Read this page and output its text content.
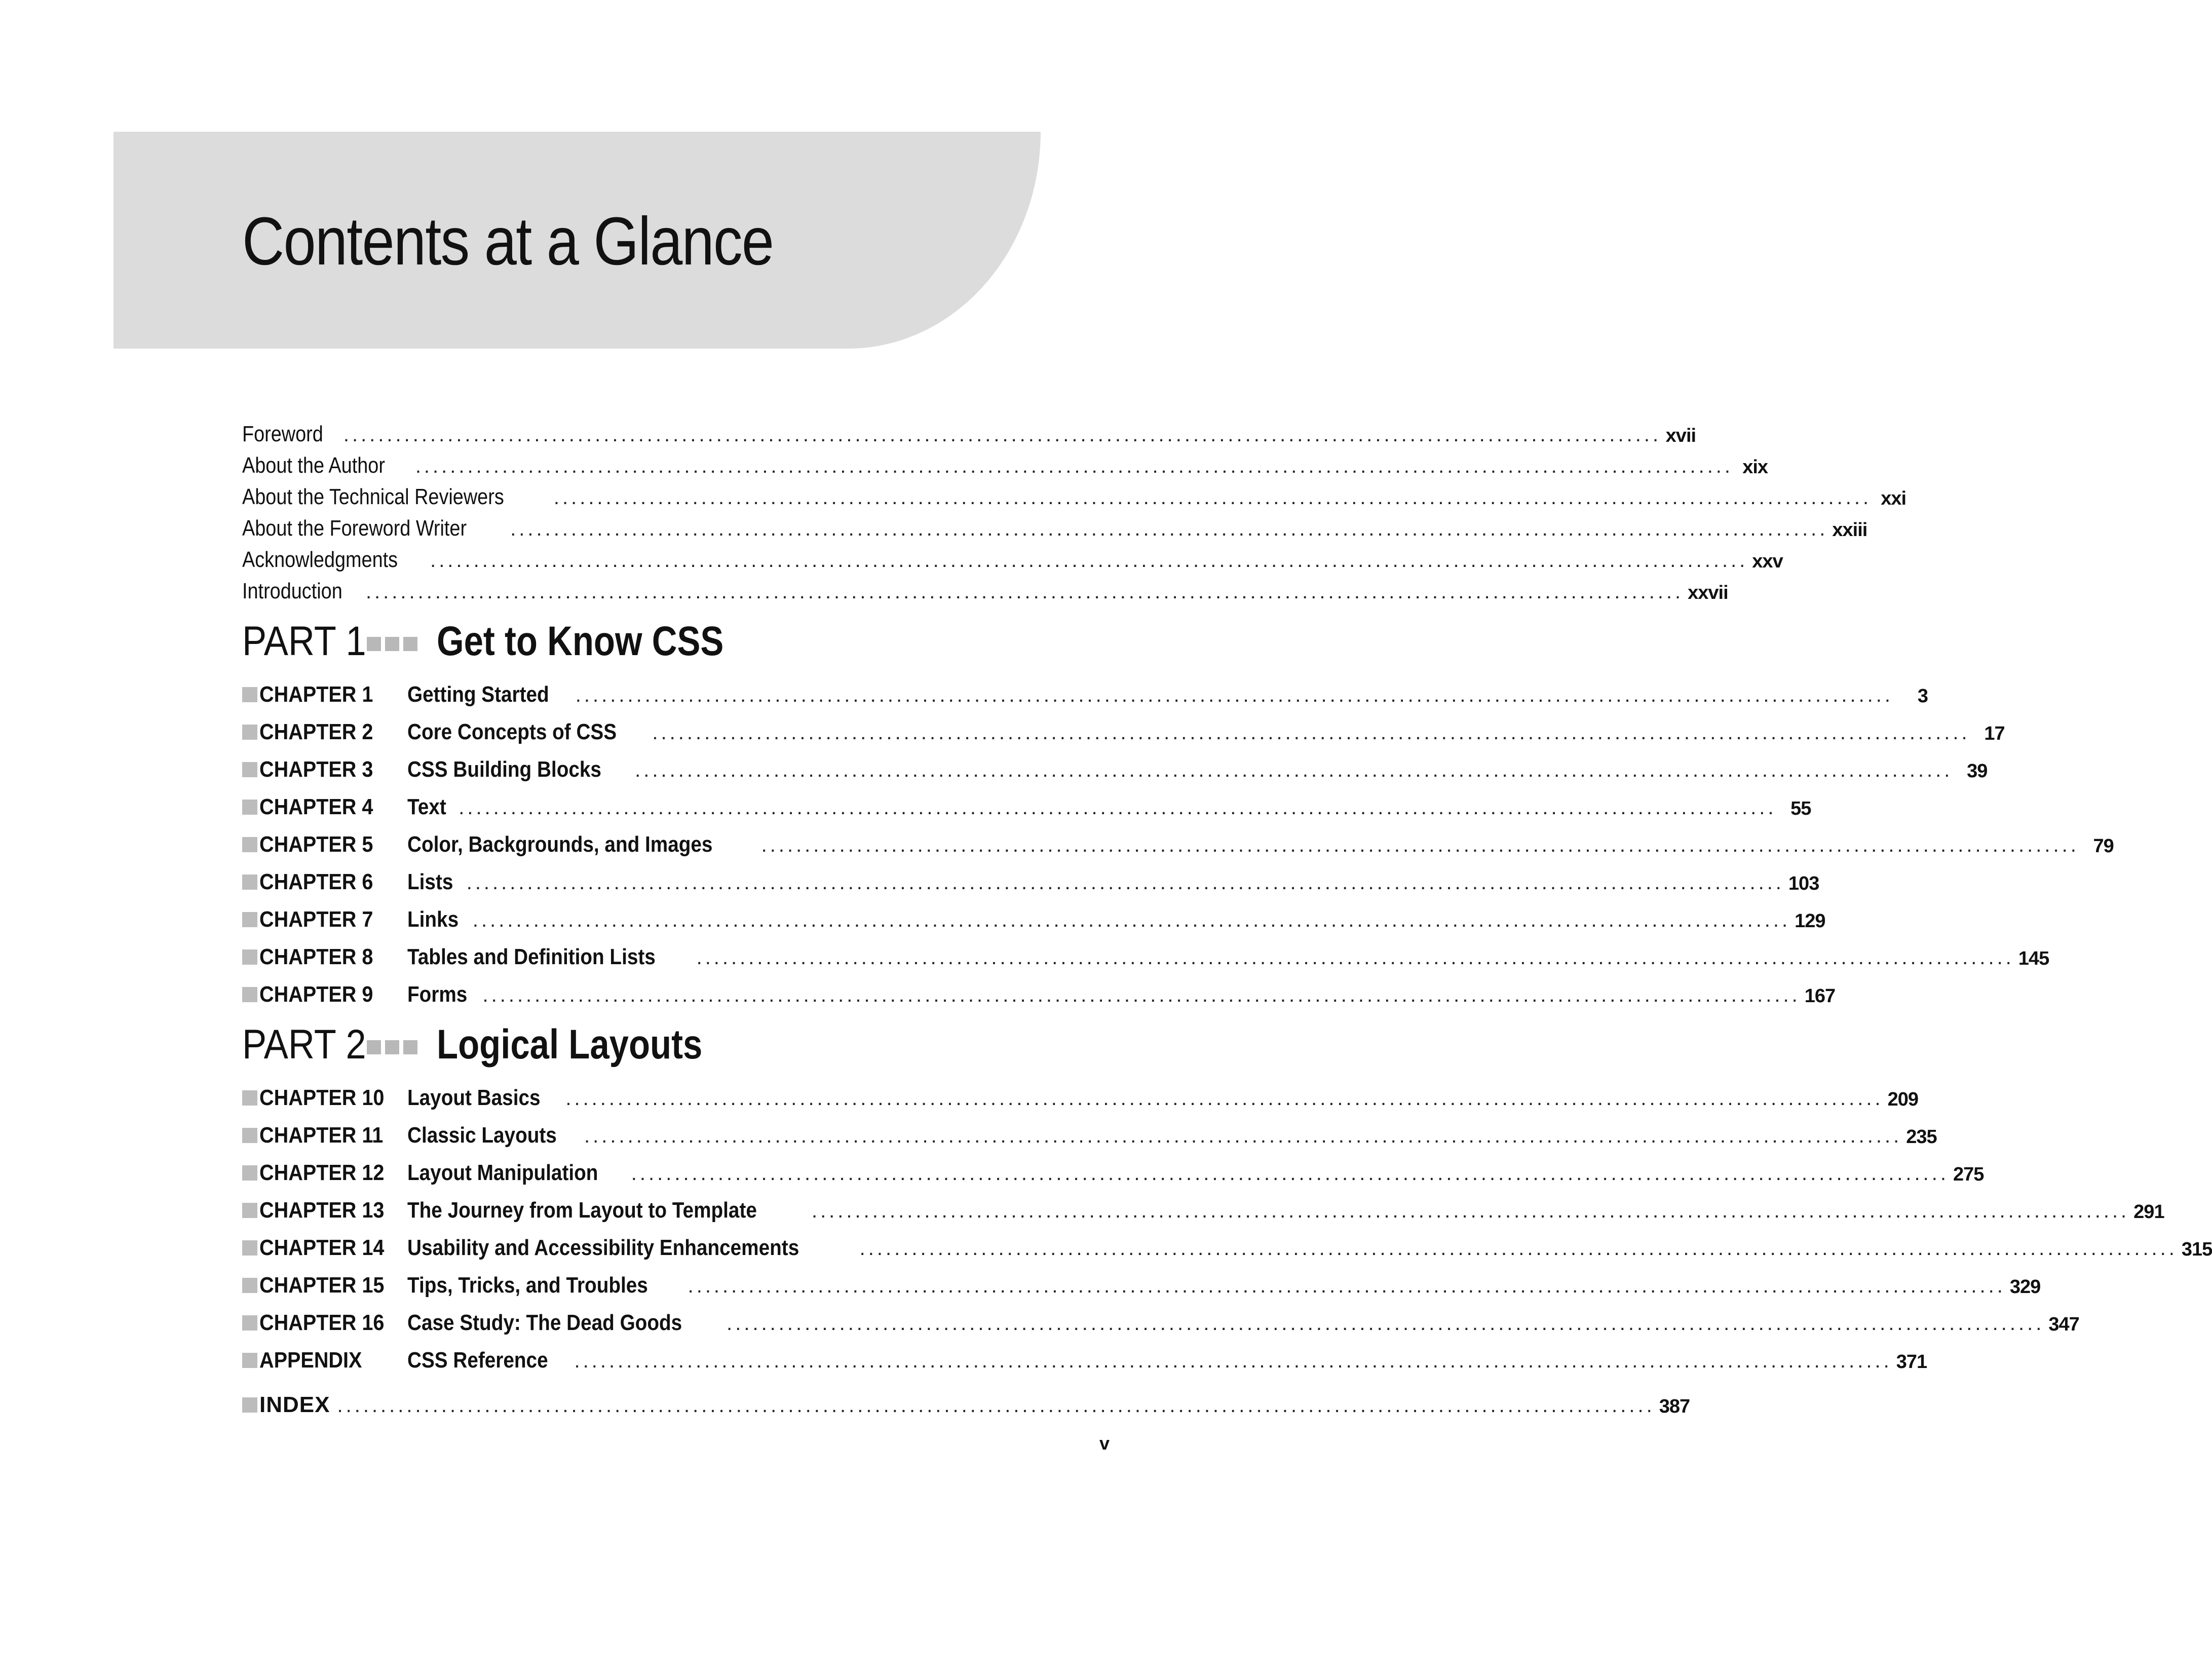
Contents at a Glance
Foreword ........................................................................................................................................................ xvii
About the Author ........................................................................................................................................................ xix
About the Technical Reviewers ........................................................................................................................................................ xxi
About the Foreword Writer ........................................................................................................................................................ xxiii
Acknowledgments ........................................................................................................................................................ xxv
Introduction ........................................................................................................................................................ xxvii
PART 1 Get to Know CSS
CHAPTER 1	Getting Started ........................................................................................................................................................	3
CHAPTER 2	Core Concepts of CSS ........................................................................................................................................................ 17
CHAPTER 3	CSS Building Blocks ........................................................................................................................................................ 39
CHAPTER 4	Text ........................................................................................................................................................ 55
CHAPTER 5	Color, Backgrounds, and Images ........................................................................................................................................................ 79
CHAPTER 6	Lists ........................................................................................................................................................ 103
CHAPTER 7	Links ........................................................................................................................................................ 129
CHAPTER 8	Tables and Definition Lists ........................................................................................................................................................ 145
CHAPTER 9	Forms ........................................................................................................................................................ 167
PART 2 Logical Layouts
CHAPTER 10	Layout Basics ........................................................................................................................................................ 209
CHAPTER 11	Classic Layouts ........................................................................................................................................................ 235
CHAPTER 12	Layout Manipulation ........................................................................................................................................................ 275
CHAPTER 13	The Journey from Layout to Template	........................................................................................................................................................ 291
CHAPTER 14	Usability and Accessibility Enhancements	........................................................................................................................................................ 315
CHAPTER 15	Tips, Tricks, and Troubles ........................................................................................................................................................ 329
CHAPTER 16	Case Study: The Dead Goods ........................................................................................................................................................ 347
APPENDIX	CSS Reference ........................................................................................................................................................ 371
INDEX ........................................................................................................................................................ 387
v
